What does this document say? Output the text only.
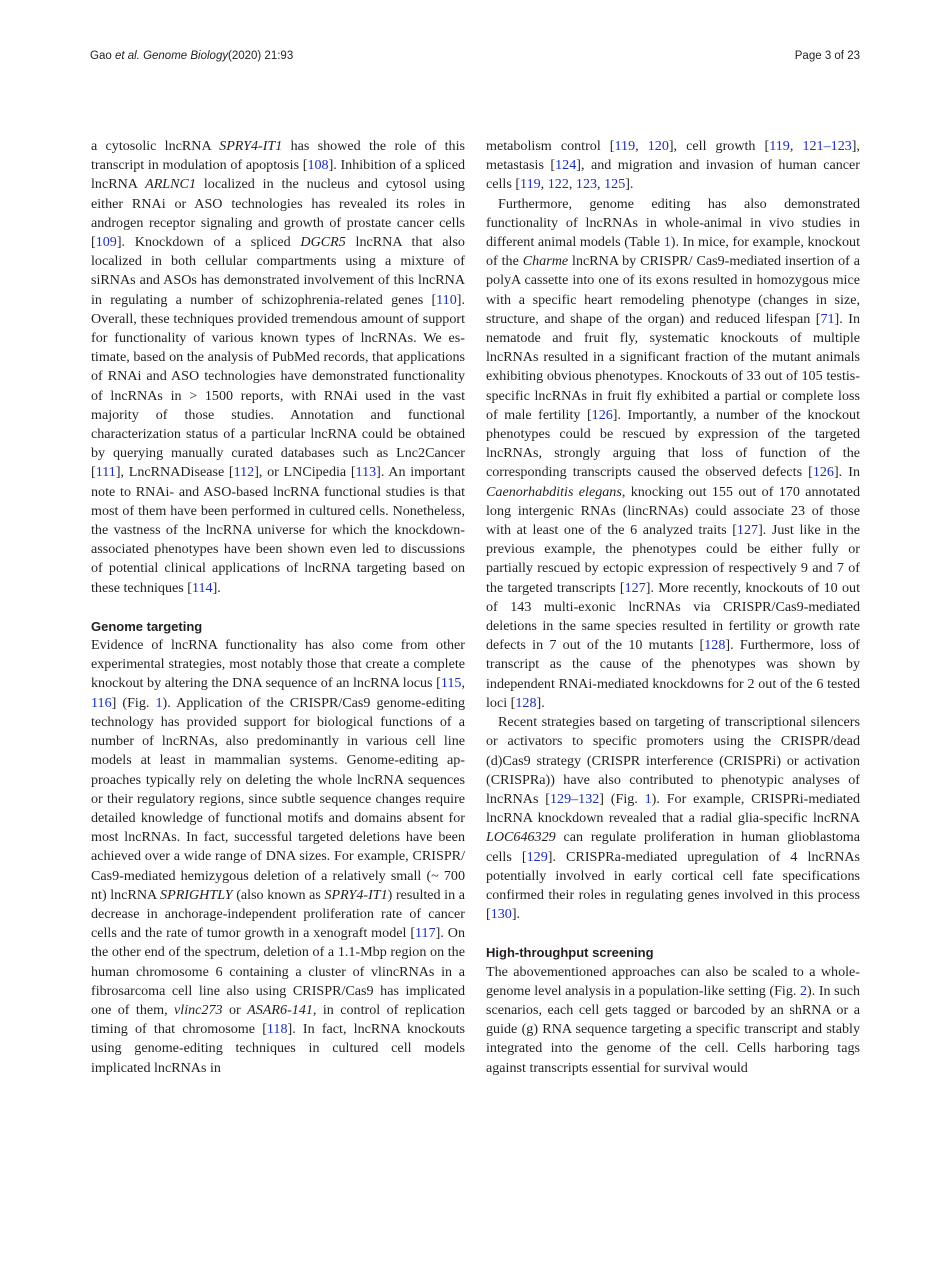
Gao et al. Genome Biology (2020) 21:93	Page 3 of 23

a cytosolic lncRNA SPRY4-IT1 has showed the role of this transcript in modulation of apoptosis [108]. Inhibition of a spliced lncRNA ARLNC1 localized in the nucleus and cytosol using either RNAi or ASO technologies has revealed its roles in androgen receptor signaling and growth of prostate cancer cells [109]. Knockdown of a spliced DGCR5 lncRNA that also localized in both cellular compartments using a mixture of siRNAs and ASOs has demonstrated involvement of this lncRNA in regulating a number of schizophrenia-related genes [110]. Overall, these techniques provided tremendous amount of support for functionality of various known types of lncRNAs. We estimate, based on the analysis of PubMed records, that applications of RNAi and ASO technologies have demonstrated functionality of lncRNAs in > 1500 reports, with RNAi used in the vast majority of those studies. Annotation and functional characterization status of a particular lncRNA could be obtained by querying manually curated databases such as Lnc2Cancer [111], LncRNADisease [112], or LNCipedia [113]. An important note to RNAi- and ASO-based lncRNA functional studies is that most of them have been performed in cultured cells. Nonetheless, the vastness of the lncRNA universe for which the knockdown-associated phenotypes have been shown even led to discussions of potential clinical applications of lncRNA targeting based on these techniques [114].

Genome targeting

Evidence of lncRNA functionality has also come from other experimental strategies, most notably those that create a complete knockout by altering the DNA sequence of an lncRNA locus [115, 116] (Fig. 1). Application of the CRISPR/Cas9 genome-editing technology has provided support for biological functions of a number of lncRNAs, also predominantly in various cell line models at least in mammalian systems. Genome-editing approaches typically rely on deleting the whole lncRNA sequences or their regulatory regions, since subtle sequence changes require detailed knowledge of functional motifs and domains absent for most lncRNAs. In fact, successful targeted deletions have been achieved over a wide range of DNA sizes. For example, CRISPR/ Cas9-mediated hemizygous deletion of a relatively small (~ 700 nt) lncRNA SPRIGHTLY (also known as SPRY4-IT1) resulted in a decrease in anchorage-independent proliferation rate of cancer cells and the rate of tumor growth in a xenograft model [117]. On the other end of the spectrum, deletion of a 1.1-Mbp region on the human chromosome 6 containing a cluster of vlincRNAs in a fibrosarcoma cell line also using CRISPR/Cas9 has implicated one of them, vlinc273 or ASAR6-141, in control of replication timing of that chromosome [118]. In fact, lncRNA knockouts using genome-editing techniques in cultured cell models implicated lncRNAs in

metabolism control [119, 120], cell growth [119, 121–123], metastasis [124], and migration and invasion of human cancer cells [119, 122, 123, 125].

Furthermore, genome editing has also demonstrated functionality of lncRNAs in whole-animal in vivo studies in different animal models (Table 1). In mice, for example, knockout of the Charme lncRNA by CRISPR/ Cas9-mediated insertion of a polyA cassette into one of its exons resulted in homozygous mice with a specific heart remodeling phenotype (changes in size, structure, and shape of the organ) and reduced lifespan [71]. In nematode and fruit fly, systematic knockouts of multiple lncRNAs resulted in a significant fraction of the mutant animals exhibiting obvious phenotypes. Knockouts of 33 out of 105 testis-specific lncRNAs in fruit fly exhibited a partial or complete loss of male fertility [126]. Importantly, a number of the knockout phenotypes could be rescued by expression of the targeted lncRNAs, strongly arguing that loss of function of the corresponding transcripts caused the observed defects [126]. In Caenorhabditis elegans, knocking out 155 out of 170 annotated long intergenic RNAs (lincRNAs) could associate 23 of those with at least one of the 6 analyzed traits [127]. Just like in the previous example, the phenotypes could be either fully or partially rescued by ectopic expression of respectively 9 and 7 of the targeted transcripts [127]. More recently, knockouts of 10 out of 143 multi-exonic lncRNAs via CRISPR/Cas9-mediated deletions in the same species resulted in fertility or growth rate defects in 7 out of the 10 mutants [128]. Furthermore, loss of transcript as the cause of the phenotypes was shown by independent RNAi-mediated knockdowns for 2 out of the 6 tested loci [128].

Recent strategies based on targeting of transcriptional silencers or activators to specific promoters using the CRISPR/dead (d)Cas9 strategy (CRISPR interference (CRISPRi) or activation (CRISPRa)) have also contributed to phenotypic analyses of lncRNAs [129–132] (Fig. 1). For example, CRISPRi-mediated lncRNA knockdown revealed that a radial glia-specific lncRNA LOC646329 can regulate proliferation in human glioblastoma cells [129]. CRISPRa-mediated upregulation of 4 lncRNAs potentially involved in early cortical cell fate specifications confirmed their roles in regulating genes involved in this process [130].

High-throughput screening

The abovementioned approaches can also be scaled to a whole-genome level analysis in a population-like setting (Fig. 2). In such scenarios, each cell gets tagged or barcoded by an shRNA or a guide (g) RNA sequence targeting a specific transcript and stably integrated into the genome of the cell. Cells harboring tags against transcripts essential for survival would
